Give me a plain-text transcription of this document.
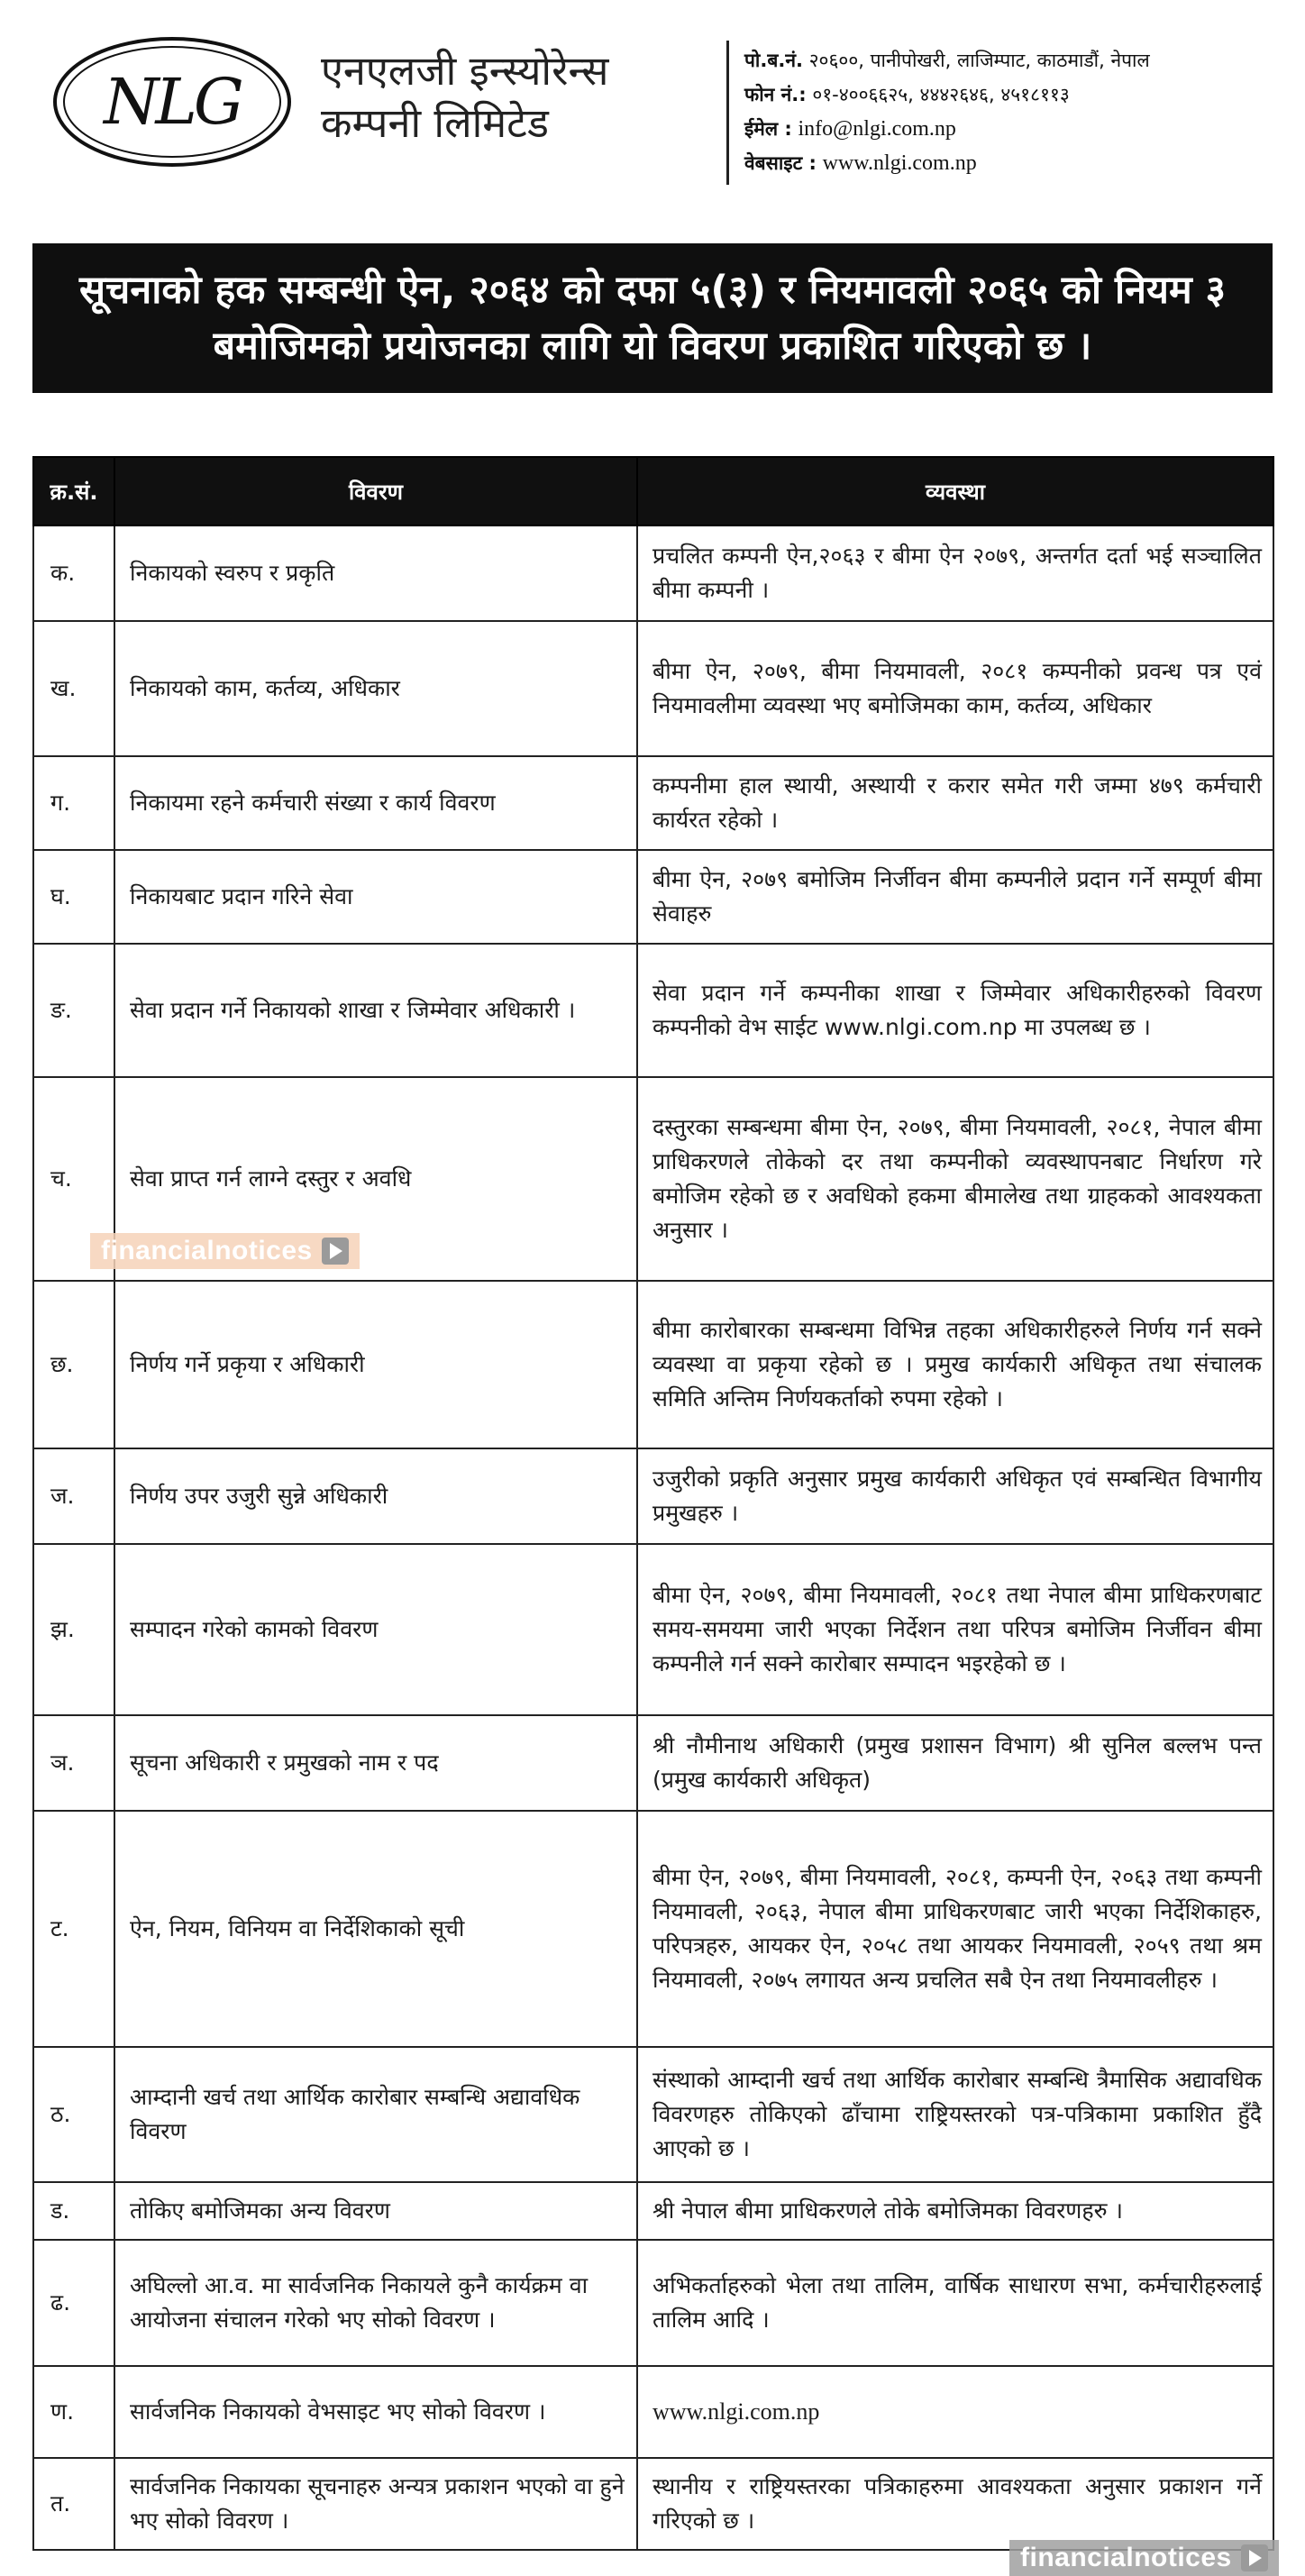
NLG	एनएलजी इन्स्योरेन्स
कम्पनी लिमिटेड
पो.ब.नं. २०६००, पानीपोखरी, लाजिम्पाट, काठमाडौं, नेपाल
फोन नं.: ०१-४००६६२५, ४४४२६४६, ४५१८११३
ईमेल : info@nlgi.com.np
वेबसाइट : www.nlgi.com.np
सूचनाको हक सम्बन्धी ऐन, २०६४ को दफा ५(३) र नियमावली २०६५ को नियम ३ बमोजिमको प्रयोजनका लागि यो विवरण प्रकाशित गरिएको छ ।
क्र.सं.	विवरण	व्यवस्था
क.	निकायको स्वरुप र प्रकृति	प्रचलित कम्पनी ऐन,२०६३ र बीमा ऐन २०७९, अन्तर्गत दर्ता भई सञ्चालित बीमा कम्पनी ।
ख.	निकायको काम, कर्तव्य, अधिकार	बीमा ऐन, २०७९, बीमा नियमावली, २०८१ कम्पनीको प्रवन्ध पत्र एवं नियमावलीमा व्यवस्था भए बमोजिमका काम, कर्तव्य, अधिकार
ग.	निकायमा रहने कर्मचारी संख्या र कार्य विवरण	कम्पनीमा हाल स्थायी, अस्थायी र करार समेत गरी जम्मा ४७९ कर्मचारी कार्यरत रहेको ।
घ.	निकायबाट प्रदान गरिने सेवा	बीमा ऐन, २०७९ बमोजिम निर्जीवन बीमा कम्पनीले प्रदान गर्ने सम्पूर्ण बीमा सेवाहरु
ङ.	सेवा प्रदान गर्ने निकायको शाखा र जिम्मेवार अधिकारी ।	सेवा प्रदान गर्ने कम्पनीका शाखा र जिम्मेवार अधिकारीहरुको विवरण कम्पनीको वेभ साईट www.nlgi.com.np मा उपलब्ध छ ।
च.	सेवा प्राप्त गर्न लाग्ने दस्तुर र अवधि	दस्तुरका सम्बन्धमा बीमा ऐन, २०७९, बीमा नियमावली, २०८१, नेपाल बीमा प्राधिकरणले तोकेको दर तथा कम्पनीको व्यवस्थापनबाट निर्धारण गरे बमोजिम रहेको छ र अवधिको हकमा बीमालेख तथा ग्राहकको आवश्यकता अनुसार ।
छ.	निर्णय गर्ने प्रकृया र अधिकारी	बीमा कारोबारका सम्बन्धमा विभिन्न तहका अधिकारीहरुले निर्णय गर्न सक्ने व्यवस्था वा प्रकृया रहेको छ । प्रमुख कार्यकारी अधिकृत तथा संचालक समिति अन्तिम निर्णयकर्ताको रुपमा रहेको ।
ज.	निर्णय उपर उजुरी सुन्ने अधिकारी	उजुरीको प्रकृति अनुसार प्रमुख कार्यकारी अधिकृत एवं सम्बन्धित विभागीय प्रमुखहरु ।
झ.	सम्पादन गरेको कामको विवरण	बीमा ऐन, २०७९, बीमा नियमावली, २०८१ तथा नेपाल बीमा प्राधिकरणबाट समय-समयमा जारी भएका निर्देशन तथा परिपत्र बमोजिम निर्जीवन बीमा कम्पनीले गर्न सक्ने कारोबार सम्पादन भइरहेको छ ।
ञ.	सूचना अधिकारी र प्रमुखको नाम र पद	श्री नौमीनाथ अधिकारी (प्रमुख प्रशासन विभाग) श्री सुनिल बल्लभ पन्त (प्रमुख कार्यकारी अधिकृत)
ट.	ऐन, नियम, विनियम वा निर्देशिकाको सूची	बीमा ऐन, २०७९, बीमा नियमावली, २०८१, कम्पनी ऐन, २०६३ तथा कम्पनी नियमावली, २०६३, नेपाल बीमा प्राधिकरणबाट जारी भएका निर्देशिकाहरु, परिपत्रहरु, आयकर ऐन, २०५८ तथा आयकर नियमावली, २०५९ तथा श्रम नियमावली, २०७५ लगायत अन्य प्रचलित सबै ऐन तथा नियमावलीहरु ।
ठ.	आम्दानी खर्च तथा आर्थिक कारोबार सम्बन्धि अद्यावधिक विवरण	संस्थाको आम्दानी खर्च तथा आर्थिक कारोबार सम्बन्धि त्रैमासिक अद्यावधिक विवरणहरु तोकिएको ढाँचामा राष्ट्रियस्तरको पत्र-पत्रिकामा प्रकाशित हुँदै आएको छ ।
ड.	तोकिए बमोजिमका अन्य विवरण	श्री नेपाल बीमा प्राधिकरणले तोके बमोजिमका विवरणहरु ।
ढ.	अघिल्लो आ.व. मा सार्वजनिक निकायले कुनै कार्यक्रम वा आयोजना संचालन गरेको भए सोको विवरण ।	अभिकर्ताहरुको भेला तथा तालिम, वार्षिक साधारण सभा, कर्मचारीहरुलाई तालिम आदि ।
ण.	सार्वजनिक निकायको वेभसाइट भए सोको विवरण ।	www.nlgi.com.np
त.	सार्वजनिक निकायका सूचनाहरु अन्यत्र प्रकाशन भएको वा हुने भए सोको विवरण ।	स्थानीय र राष्ट्रियस्तरका पत्रिकाहरुमा आवश्यकता अनुसार प्रकाशन गर्ने गरिएको छ ।
financialnotices
financialnotices
